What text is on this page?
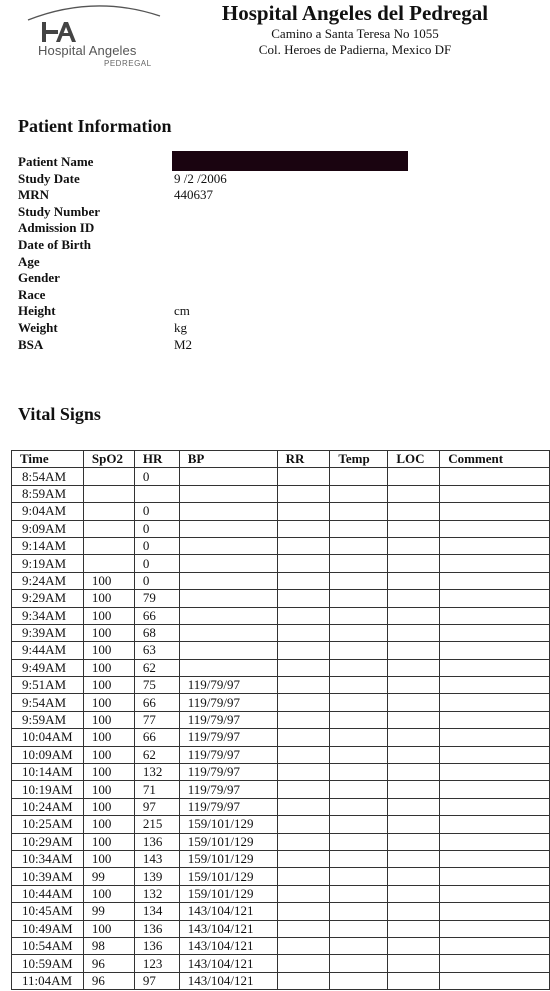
Hospital Angeles
PEDREGAL
Hospital Angeles del Pedregal
Camino a Santa Teresa No 1055
Col. Heroes de Padierna, Mexico DF
Patient Information
Patient Name
Study Date	9 /2 /2006
MRN	440637
Study Number
Admission ID
Date of Birth
Age
Gender
Race
Height	cm
Weight	kg
BSA	M2
Vital Signs
Time	SpO2	HR	BP	RR	Temp	LOC	Comment
8:54AM		0					
8:59AM							
9:04AM		0					
9:09AM		0					
9:14AM		0					
9:19AM		0					
9:24AM	100	0					
9:29AM	100	79					
9:34AM	100	66					
9:39AM	100	68					
9:44AM	100	63					
9:49AM	100	62					
9:51AM	100	75	119/79/97				
9:54AM	100	66	119/79/97				
9:59AM	100	77	119/79/97				
10:04AM	100	66	119/79/97				
10:09AM	100	62	119/79/97				
10:14AM	100	132	119/79/97				
10:19AM	100	71	119/79/97				
10:24AM	100	97	119/79/97				
10:25AM	100	215	159/101/129				
10:29AM	100	136	159/101/129				
10:34AM	100	143	159/101/129				
10:39AM	99	139	159/101/129				
10:44AM	100	132	159/101/129				
10:45AM	99	134	143/104/121				
10:49AM	100	136	143/104/121				
10:54AM	98	136	143/104/121				
10:59AM	96	123	143/104/121				
11:04AM	96	97	143/104/121				
